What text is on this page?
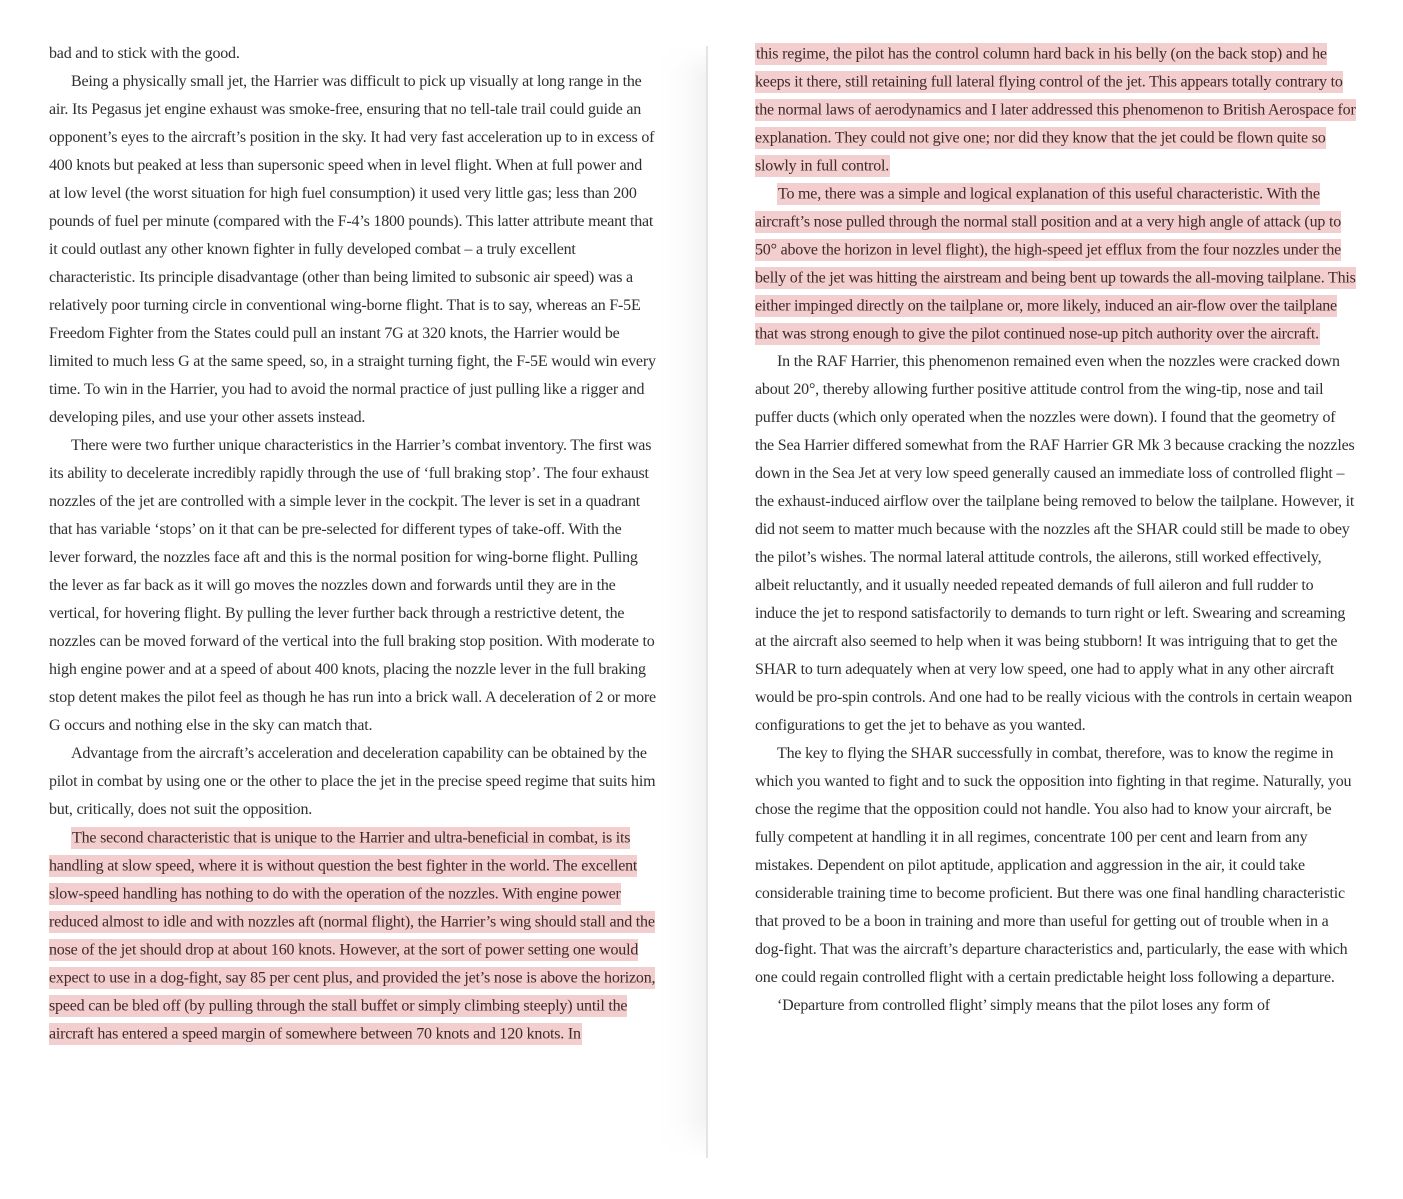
bad and to stick with the good.

Being a physically small jet, the Harrier was difficult to pick up visually at long range in the air. Its Pegasus jet engine exhaust was smoke-free, ensuring that no tell-tale trail could guide an opponent’s eyes to the aircraft’s position in the sky. It had very fast acceleration up to in excess of 400 knots but peaked at less than supersonic speed when in level flight. When at full power and at low level (the worst situation for high fuel consumption) it used very little gas; less than 200 pounds of fuel per minute (compared with the F-4’s 1800 pounds). This latter attribute meant that it could outlast any other known fighter in fully developed combat – a truly excellent characteristic. Its principle disadvantage (other than being limited to subsonic air speed) was a relatively poor turning circle in conventional wing-borne flight. That is to say, whereas an F-5E Freedom Fighter from the States could pull an instant 7G at 320 knots, the Harrier would be limited to much less G at the same speed, so, in a straight turning fight, the F-5E would win every time. To win in the Harrier, you had to avoid the normal practice of just pulling like a rigger and developing piles, and use your other assets instead.

There were two further unique characteristics in the Harrier’s combat inventory. The first was its ability to decelerate incredibly rapidly through the use of ‘full braking stop’. The four exhaust nozzles of the jet are controlled with a simple lever in the cockpit. The lever is set in a quadrant that has variable ‘stops’ on it that can be pre-selected for different types of take-off. With the lever forward, the nozzles face aft and this is the normal position for wing-borne flight. Pulling the lever as far back as it will go moves the nozzles down and forwards until they are in the vertical, for hovering flight. By pulling the lever further back through a restrictive detent, the nozzles can be moved forward of the vertical into the full braking stop position. With moderate to high engine power and at a speed of about 400 knots, placing the nozzle lever in the full braking stop detent makes the pilot feel as though he has run into a brick wall. A deceleration of 2 or more G occurs and nothing else in the sky can match that.

Advantage from the aircraft’s acceleration and deceleration capability can be obtained by the pilot in combat by using one or the other to place the jet in the precise speed regime that suits him but, critically, does not suit the opposition.

The second characteristic that is unique to the Harrier and ultra-beneficial in combat, is its handling at slow speed, where it is without question the best fighter in the world. The excellent slow-speed handling has nothing to do with the operation of the nozzles. With engine power reduced almost to idle and with nozzles aft (normal flight), the Harrier’s wing should stall and the nose of the jet should drop at about 160 knots. However, at the sort of power setting one would expect to use in a dog-fight, say 85 per cent plus, and provided the jet’s nose is above the horizon, speed can be bled off (by pulling through the stall buffet or simply climbing steeply) until the aircraft has entered a speed margin of somewhere between 70 knots and 120 knots. In

this regime, the pilot has the control column hard back in his belly (on the back stop) and he keeps it there, still retaining full lateral flying control of the jet. This appears totally contrary to the normal laws of aerodynamics and I later addressed this phenomenon to British Aerospace for explanation. They could not give one; nor did they know that the jet could be flown quite so slowly in full control.

To me, there was a simple and logical explanation of this useful characteristic. With the aircraft’s nose pulled through the normal stall position and at a very high angle of attack (up to 50° above the horizon in level flight), the high-speed jet efflux from the four nozzles under the belly of the jet was hitting the airstream and being bent up towards the all-moving tailplane. This either impinged directly on the tailplane or, more likely, induced an air-flow over the tailplane that was strong enough to give the pilot continued nose-up pitch authority over the aircraft.

In the RAF Harrier, this phenomenon remained even when the nozzles were cracked down about 20°, thereby allowing further positive attitude control from the wing-tip, nose and tail puffer ducts (which only operated when the nozzles were down). I found that the geometry of the Sea Harrier differed somewhat from the RAF Harrier GR Mk 3 because cracking the nozzles down in the Sea Jet at very low speed generally caused an immediate loss of controlled flight – the exhaust-induced airflow over the tailplane being removed to below the tailplane. However, it did not seem to matter much because with the nozzles aft the SHAR could still be made to obey the pilot’s wishes. The normal lateral attitude controls, the ailerons, still worked effectively, albeit reluctantly, and it usually needed repeated demands of full aileron and full rudder to induce the jet to respond satisfactorily to demands to turn right or left. Swearing and screaming at the aircraft also seemed to help when it was being stubborn! It was intriguing that to get the SHAR to turn adequately when at very low speed, one had to apply what in any other aircraft would be pro-spin controls. And one had to be really vicious with the controls in certain weapon configurations to get the jet to behave as you wanted.

The key to flying the SHAR successfully in combat, therefore, was to know the regime in which you wanted to fight and to suck the opposition into fighting in that regime. Naturally, you chose the regime that the opposition could not handle. You also had to know your aircraft, be fully competent at handling it in all regimes, concentrate 100 per cent and learn from any mistakes. Dependent on pilot aptitude, application and aggression in the air, it could take considerable training time to become proficient. But there was one final handling characteristic that proved to be a boon in training and more than useful for getting out of trouble when in a dog-fight. That was the aircraft’s departure characteristics and, particularly, the ease with which one could regain controlled flight with a certain predictable height loss following a departure.

‘Departure from controlled flight’ simply means that the pilot loses any form of
